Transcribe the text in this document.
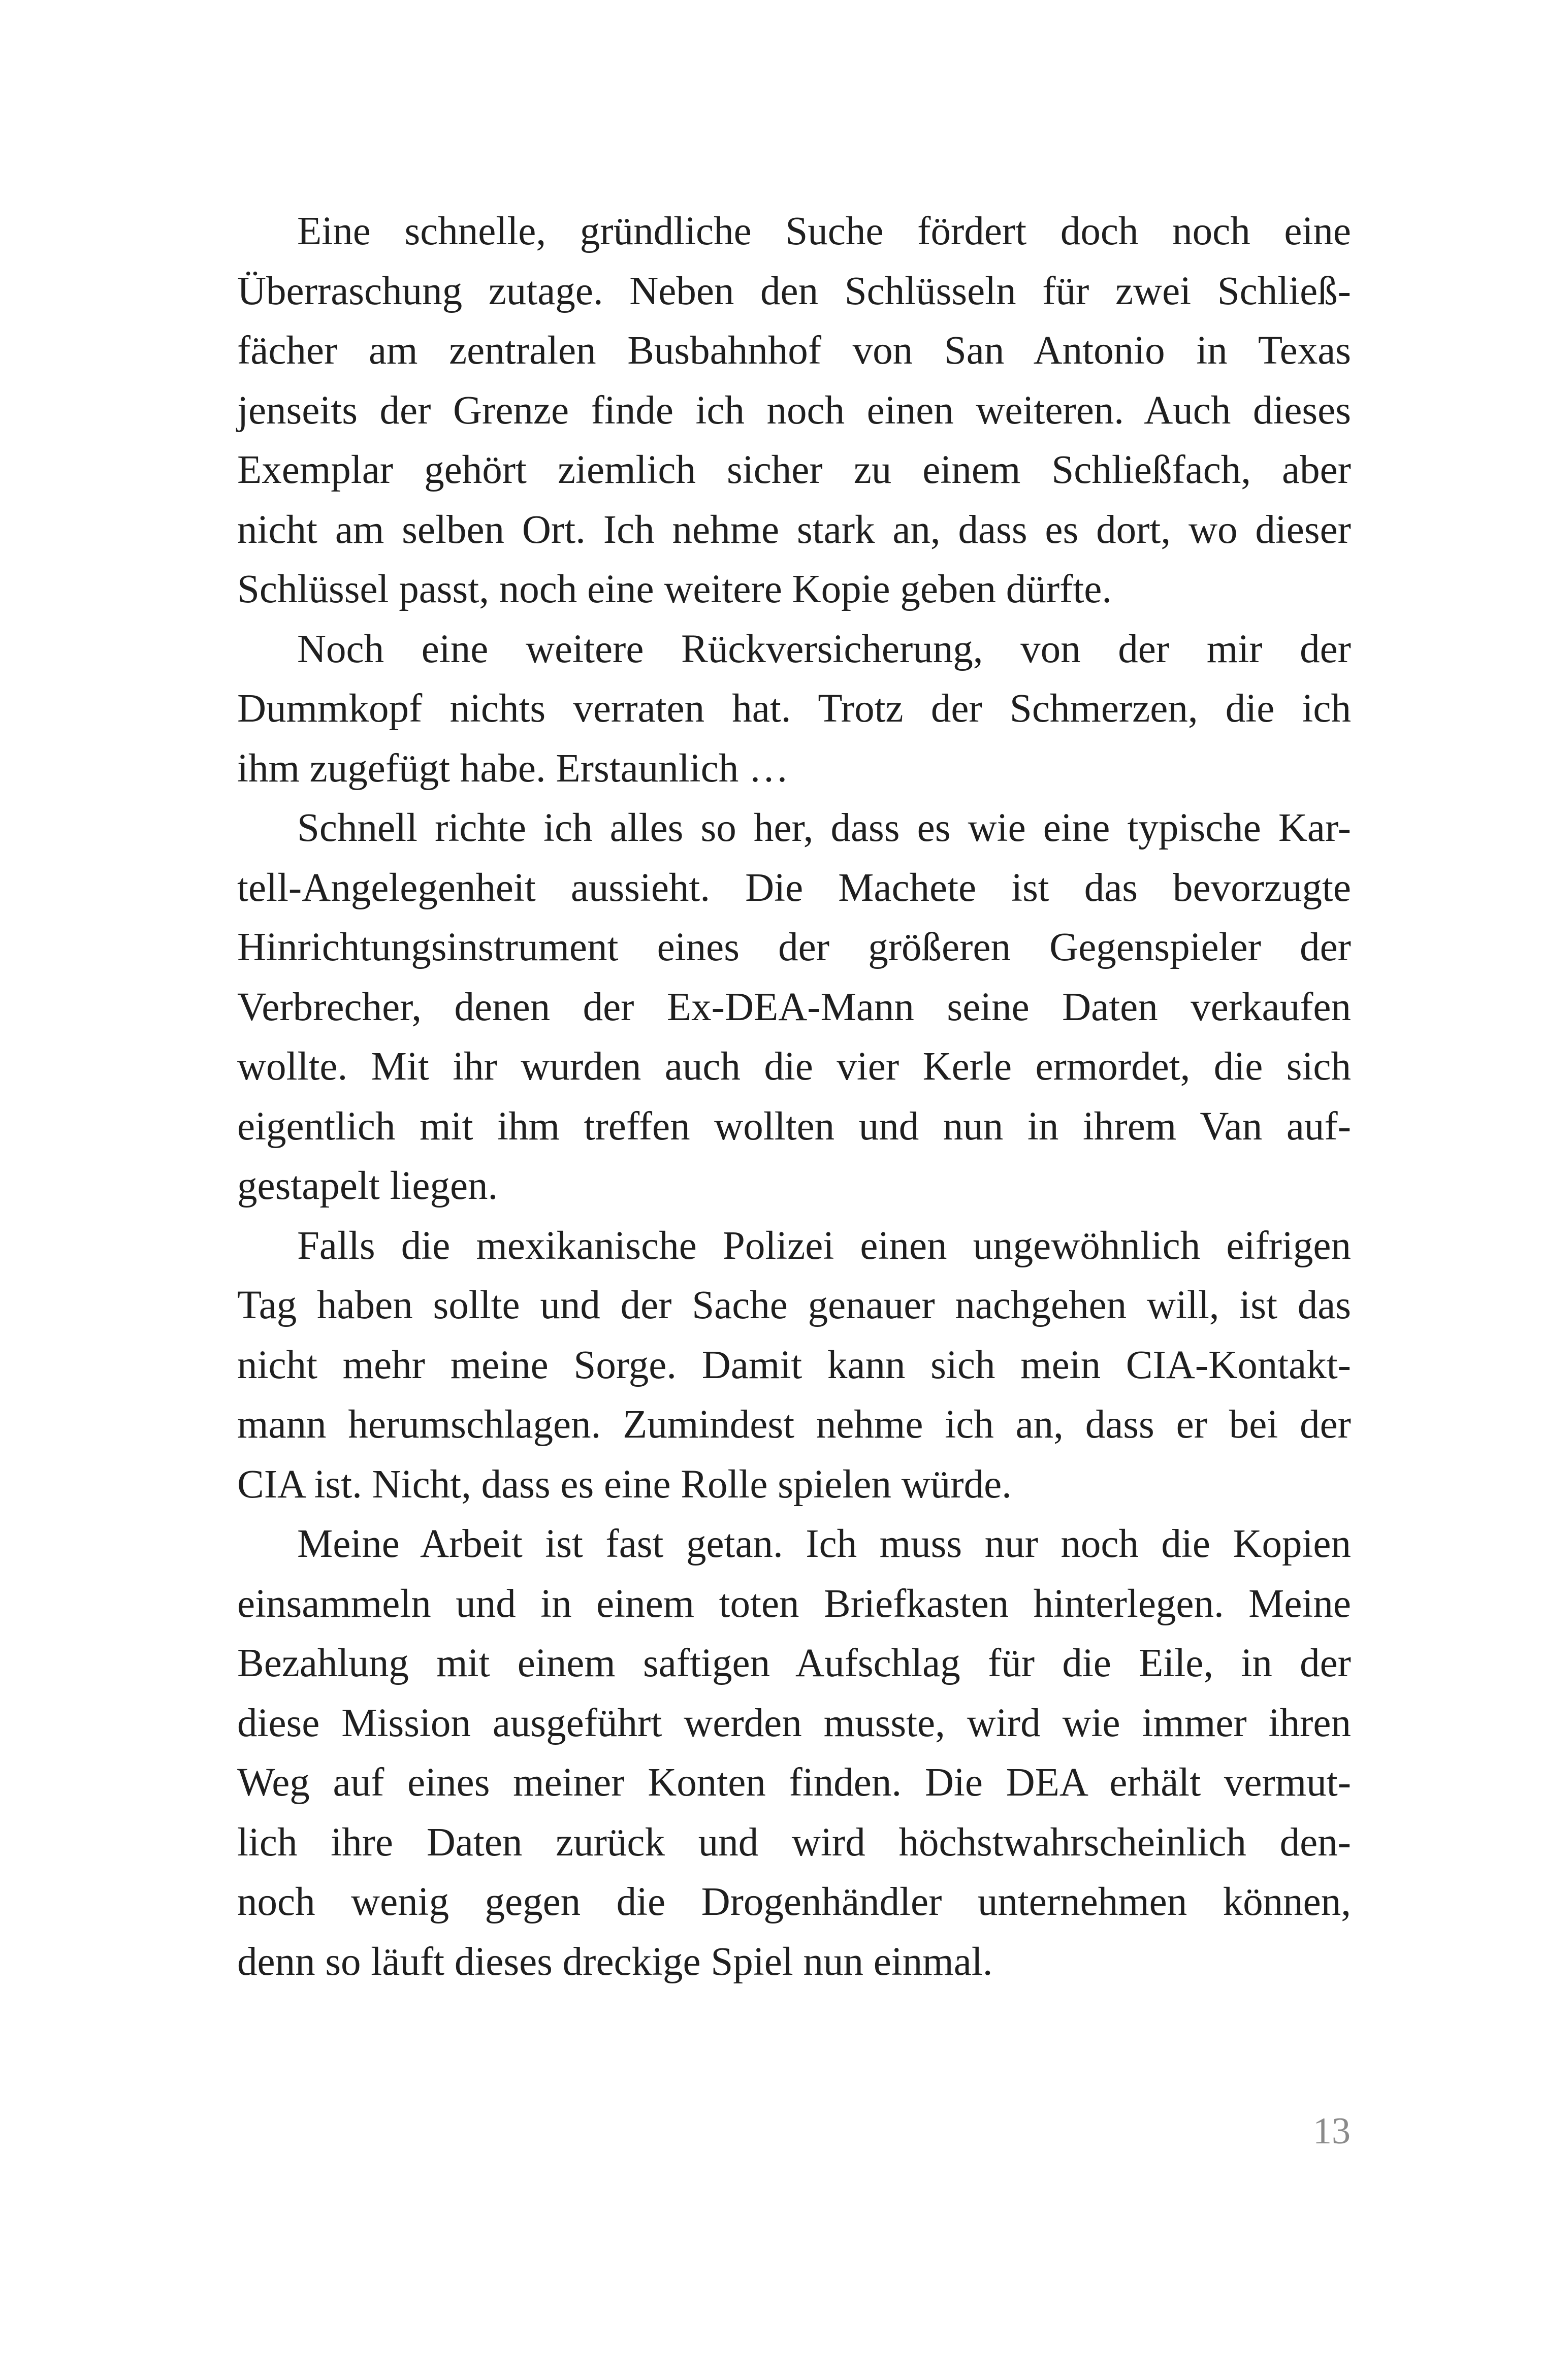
Eine schnelle, gründliche Suche fördert doch noch eine
Überraschung zutage. Neben den Schlüsseln für zwei Schließ-
fächer am zentralen Busbahnhof von San Antonio in Texas
jenseits der Grenze finde ich noch einen weiteren. Auch dieses
Exemplar gehört ziemlich sicher zu einem Schließfach, aber
nicht am selben Ort. Ich nehme stark an, dass es dort, wo dieser
Schlüssel passt, noch eine weitere Kopie geben dürfte.
Noch eine weitere Rückversicherung, von der mir der
Dummkopf nichts verraten hat. Trotz der Schmerzen, die ich
ihm zugefügt habe. Erstaunlich …
Schnell richte ich alles so her, dass es wie eine typische Kar-
tell-Angelegenheit aussieht. Die Machete ist das bevorzugte
Hinrichtungsinstrument eines der größeren Gegenspieler der
Verbrecher, denen der Ex-DEA-Mann seine Daten verkaufen
wollte. Mit ihr wurden auch die vier Kerle ermordet, die sich
eigentlich mit ihm treffen wollten und nun in ihrem Van auf-
gestapelt liegen.
Falls die mexikanische Polizei einen ungewöhnlich eifrigen
Tag haben sollte und der Sache genauer nachgehen will, ist das
nicht mehr meine Sorge. Damit kann sich mein CIA-Kontakt-
mann herumschlagen. Zumindest nehme ich an, dass er bei der
CIA ist. Nicht, dass es eine Rolle spielen würde.
Meine Arbeit ist fast getan. Ich muss nur noch die Kopien
einsammeln und in einem toten Briefkasten hinterlegen. Meine
Bezahlung mit einem saftigen Aufschlag für die Eile, in der
diese Mission ausgeführt werden musste, wird wie immer ihren
Weg auf eines meiner Konten finden. Die DEA erhält vermut-
lich ihre Daten zurück und wird höchstwahrscheinlich den-
noch wenig gegen die Drogenhändler unternehmen können,
denn so läuft dieses dreckige Spiel nun einmal.
13
